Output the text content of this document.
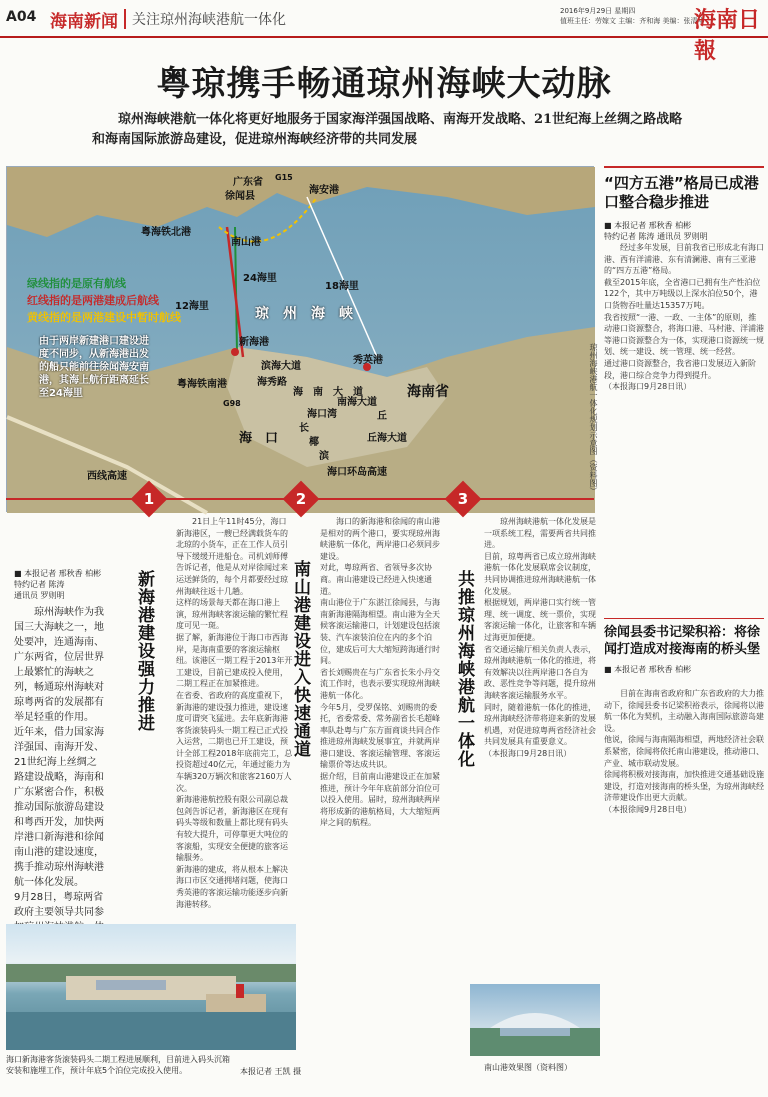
A04 海南新闻	关注琼州海峡港航一体化
2016年9月29日 星期四
值班主任：劳嫁文 主编：齐和海 美编：张清华
海南日報
粤琼携手畅通琼州海峡大动脉
琼州海峡港航一体化将更好地服务于国家海洋强国战略、南海开发战略、21世纪海上丝绸之路战略和海南国际旅游岛建设，促进琼州海峡经济带的共同发展
广东省
徐闻县
G15
海安港
粤海铁北港
南山港
24海里
18海里
12海里	琼　州　海　峡
新海港
粤海铁南港
滨海大道
秀英港
海　口
海南省
海口湾
海　南　大　道
长
椰
滨
丘
海口环岛高速
G98
西线高速
海秀路
南海大道
丘海大道
绿线指的是原有航线
红线指的是两港建成后航线
黄线指的是两港建设中暂时航线
由于两岸新建港口建设进度不同步，从新海港出发的船只能前往徐闻海安南港，其海上航行距离延长至24海里	琼州海峡港航一体化规划示意图（资料图）
1	2	3
■ 本报记者 邢秋香 柏彬
特约记者 陈涛
通讯员 罗则明
琼州海峡作为我国三大海峡之一，地处要冲，连通海南、广东两省，位居世界上最繁忙的海峡之列，畅通琼州海峡对琼粤两省的发展都有举足轻重的作用。
近年来，借力国家海洋强国、南海开发、21世纪海上丝绸之路建设战略，海南和广东紧密合作，积极推动国际旅游岛建设和粤西开发，加快两岸港口新海港和徐闻南山港的建设速度，携手推动琼州海峡港航一体化发展。
9月28日，粤琼两省政府主要领导共同参
新海港建设强力推进
21日上午11时45分，海口新海港区，一艘已经满载货车的北琼的小货车，正在工作人员引导下缓缓开进船仓。司机刘师傅告诉记者，他是从对岸徐闻过来运送鲜货的，每个月都要经过琼州海峡往返十几趟。
这样的场景每天都在海口港上演，琼州海峡客滚运输的繁忙程度可见一斑。
据了解，新海港位于海口市西海岸，是海南重要的客滚运输枢纽。该港区一期工程于2013年开工建设，目前已建成投入使用，二期工程正在加紧推进。
在省委、省政府的高度重视下，新海港的建设强力推进，建设速度可谓突飞猛进。去年底新海港客货滚装码头一期工程已正式投入运营，二期也已开工建设，预计全部工程2018年底前完工，总投资超过40亿元，年通过能力为车辆320万辆次和旅客2160万人次。
新海港港航控股有限公司副总裁包剑告诉记者，新海港区在现有码头等级和数量上都比现有码头有较大提升，可停靠更大吨位的客滚船，实现安全便捷的旅客运输服务。
新海港的建成，将从根本上解决海口市区交通拥堵问题，使海口秀英港的客滚运输功能逐步向新海港转移。
南山港建设进入快速通道
海口的新海港和徐闻的南山港是相对的两个港口，要实现琼州海峡港航一体化，两岸港口必须同步建设。
对此，粤琼两省、省领导多次协商。南山港建设已经进入快速通道。
南山港位于广东湛江徐闻县，与海南新海港隔海相望。南山港为全天候客滚运输港口，计划建设包括滚装、汽车滚装泊位在内的多个泊位，建成后可大大缩短跨海通行时间。
省长刘赐贵在与广东省长朱小丹交流工作时，也表示要实现琼州海峡港航一体化。
今年5月，受罗保铭、刘赐贵的委托，省委常委、常务副省长毛超峰率队赴粤与广东方面商谈共同合作推进琼州海峡发展事宜，并就两岸港口建设、客滚运输管理、客滚运输票价等达成共识。
据介绍，目前南山港建设正在加紧推进，预计今年年底前部分泊位可以投入使用。届时，琼州海峡两岸将形成新的港航格局，大大缩短两岸之间的航程。
共推琼州海峡港航一体化
琼州海峡港航一体化发展是一项系统工程，需要两省共同推进。
目前，琼粤两省已成立琼州海峡港航一体化发展联席会议制度，共同协调推进琼州海峡港航一体化发展。
根据规划，两岸港口实行统一管理、统一调度、统一票价，实现客滚运输一体化，让旅客和车辆过海更加便捷。
省交通运输厅相关负责人表示，琼州海峡港航一体化的推进，将有效解决以往两岸港口各自为政、恶性竞争等问题，提升琼州海峡客滚运输服务水平。
同时，随着港航一体化的推进，琼州海峡经济带将迎来新的发展机遇，对促进琼粤两省经济社会共同发展具有重要意义。
（本报海口9月28日讯）
“四方五港”格局已成港口整合稳步推进
■ 本报记者 邢秋香 柏彬
特约记者 陈涛 通讯员 罗则明
经过多年发展，目前我省已形成北有海口港、西有洋浦港、东有清澜港、南有三亚港的“四方五港”格局。
截至2015年底，全省港口已拥有生产性泊位122个，其中万吨级以上深水泊位50个，港口货物吞吐量达15357万吨。
我省按照“一港、一政、一主体”的原则，推动港口资源整合，将海口港、马村港、洋浦港等港口资源整合为一体，实现港口资源统一规划、统一建设、统一管理、统一经营。
通过港口资源整合，我省港口发展迈入新阶段，港口综合竞争力得到提升。
（本报海口9月28日讯）
徐闻县委书记梁积裕：将徐闻打造成对接海南的桥头堡
■ 本报记者 邢秋香 柏彬
目前在海南省政府和广东省政府的大力推动下，徐闻县委书记梁积裕表示，徐闻将以港航一体化为契机，主动融入海南国际旅游岛建设。
他说，徐闻与海南隔海相望，两地经济社会联系紧密，徐闻将依托南山港建设，推动港口、产业、城市联动发展。
徐闻将积极对接海南，加快推进交通基础设施建设，打造对接海南的桥头堡，为琼州海峡经济带建设作出更大贡献。
（本报徐闻9月28日电）
海口新海港客货滚装码头二期工程进展顺利，目前进入码头沉箱安装和施埋工作，预计年底5个泊位完成投入使用。	本报记者 王凯 摄	南山港效果图（资料图）
